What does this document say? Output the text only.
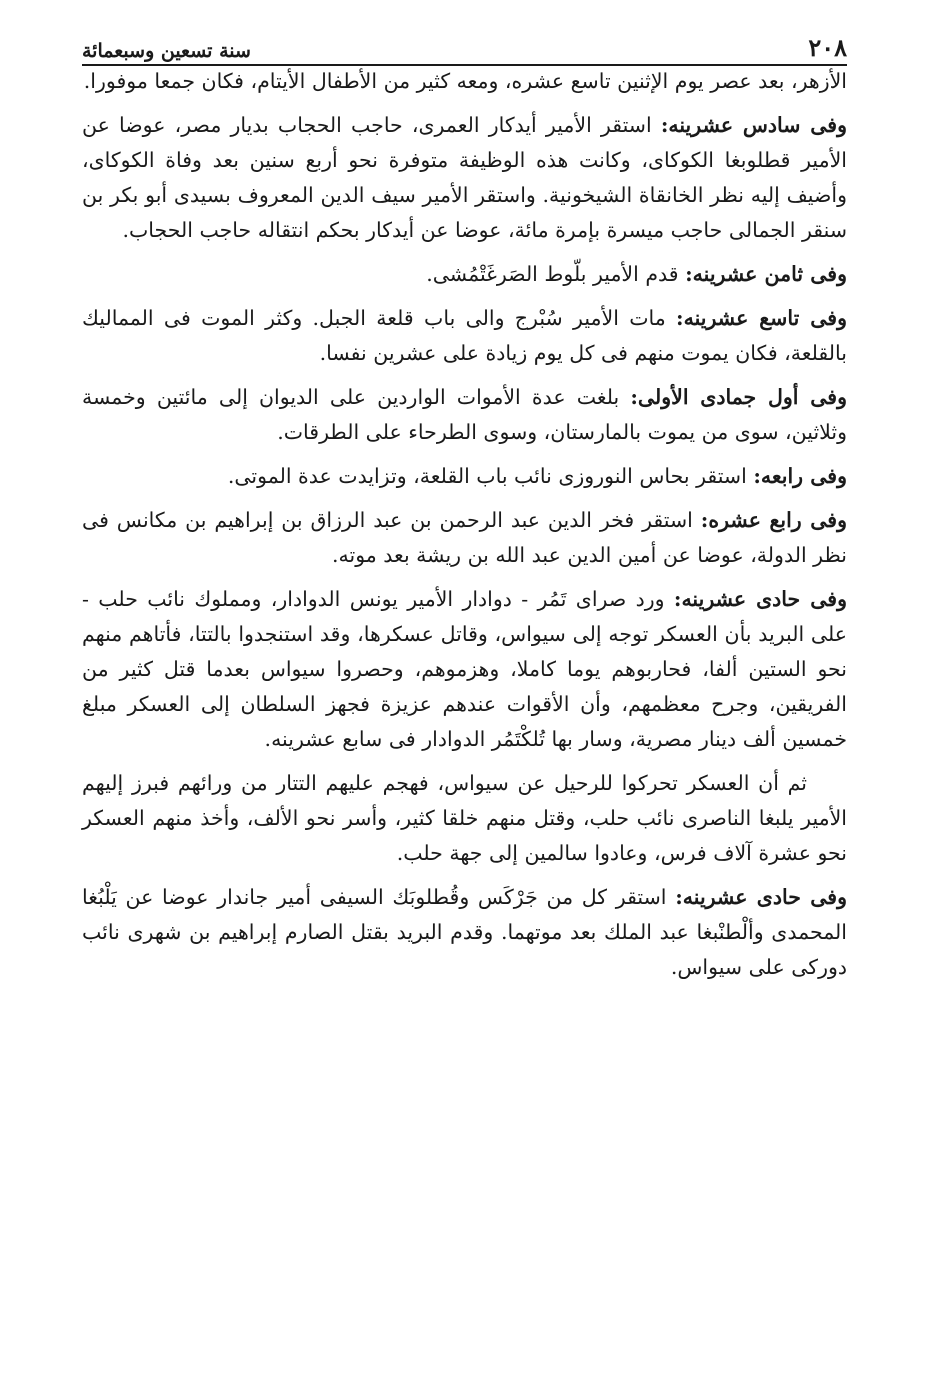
٢٠٨
سنة تسعين وسبعمائة

الأزهر، بعد عصر يوم الإثنين تاسع عشره، ومعه كثير من الأطفال الأيتام، فكان جمعا موفورا.

وفى سادس عشرينه: استقر الأمير أيدكار العمرى، حاجب الحجاب بديار مصر، عوضا عن الأمير قطلوبغا الكوكاى، وكانت هذه الوظيفة متوفرة نحو أربع سنين بعد وفاة الكوكاى، وأضيف إليه نظر الخانقاة الشيخونية. واستقر الأمير سيف الدين المعروف بسيدى أبو بكر بن سنقر الجمالى حاجب ميسرة بإمرة مائة، عوضا عن أيدكار بحكم انتقاله حاجب الحجاب.

وفى ثامن عشرينه: قدم الأمير بلّوط الصَرغَتْمُشى.

وفى تاسع عشرينه: مات الأمير سُبْرج والى باب قلعة الجبل. وكثر الموت فى المماليك بالقلعة، فكان يموت منهم فى كل يوم زيادة على عشرين نفسا.

وفى أول جمادى الأولى: بلغت عدة الأموات الواردين على الديوان إلى مائتين وخمسة وثلاثين، سوى من يموت بالمارستان، وسوى الطرحاء على الطرقات.

وفى رابعه: استقر بحاس النوروزى نائب باب القلعة، وتزايدت عدة الموتى.

وفى رابع عشره: استقر فخر الدين عبد الرحمن بن عبد الرزاق بن إبراهيم بن مكانس فى نظر الدولة، عوضا عن أمين الدين عبد الله بن ريشة بعد موته.

وفى حادى عشرينه: ورد صراى تَمُر - دوادار الأمير يونس الدوادار، ومملوك نائب حلب - على البريد بأن العسكر توجه إلى سيواس، وقاتل عسكرها، وقد استنجدوا بالتتا، فأتاهم منهم نحو الستين ألفا، فحاربوهم يوما كاملا، وهزموهم، وحصروا سيواس بعدما قتل كثير من الفريقين، وجرح معظمهم، وأن الأقوات عندهم عزيزة فجهز السلطان إلى العسكر مبلغ خمسين ألف دينار مصرية، وسار بها تُلكْتَمُر الدوادار فى سابع عشرينه.

ثم أن العسكر تحركوا للرحيل عن سيواس، فهجم عليهم التتار من ورائهم فبرز إليهم الأمير يلبغا الناصرى نائب حلب، وقتل منهم خلقا كثير، وأسر نحو الألف، وأخذ منهم العسكر نحو عشرة آلاف فرس، وعادوا سالمين إلى جهة حلب.

وفى حادى عشرينه: استقر كل من جَرْكَس وقُطلوبَك السيفى أمير جاندار عوضا عن يَلْبُغا المحمدى وألْطنْبغا عبد الملك بعد موتهما. وقدم البريد بقتل الصارم إبراهيم بن شهرى نائب دوركى على سيواس.
